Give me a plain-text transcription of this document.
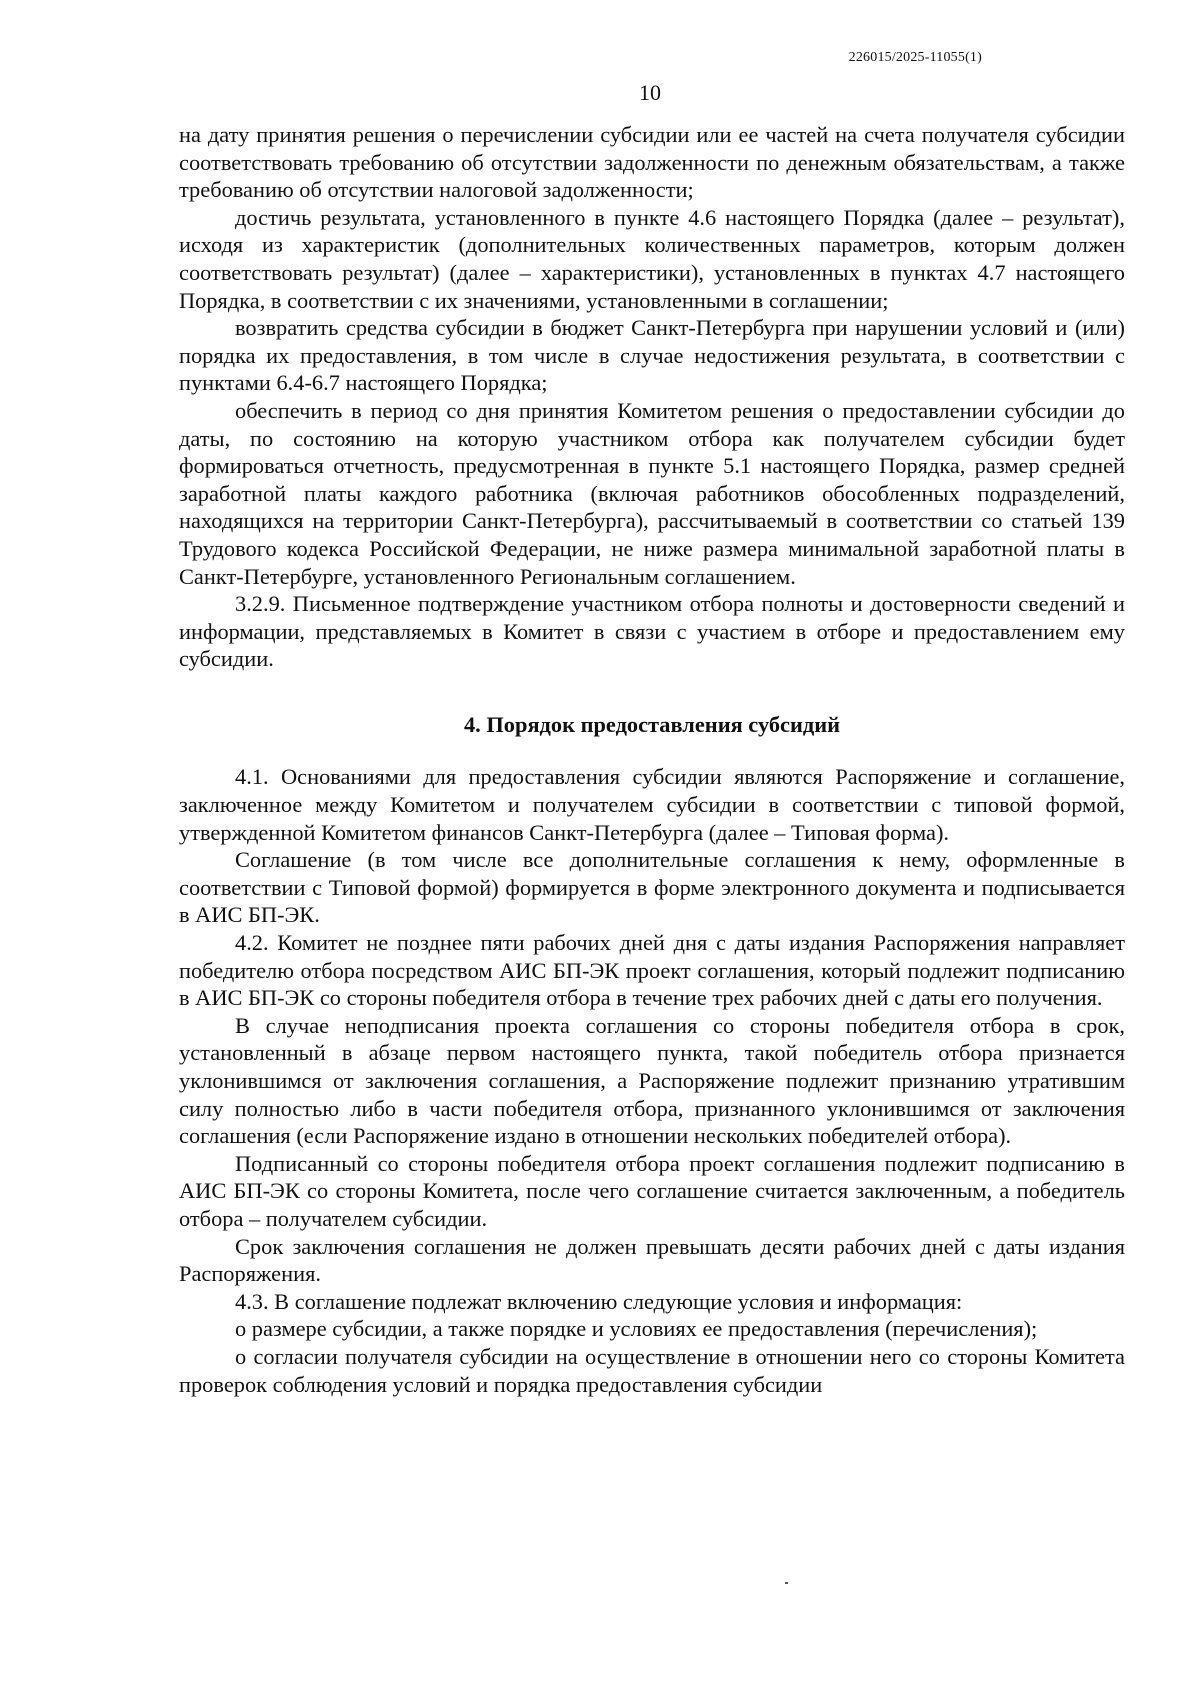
226015/2025-11055(1)
10

на дату принятия решения о перечислении субсидии или ее частей на счета получателя субсидии соответствовать требованию об отсутствии задолженности по денежным обязательствам, а также требованию об отсутствии налоговой задолженности;

достичь результата, установленного в пункте 4.6 настоящего Порядка (далее – результат), исходя из характеристик (дополнительных количественных параметров, которым должен соответствовать результат) (далее – характеристики), установленных в пунктах 4.7 настоящего Порядка, в соответствии с их значениями, установленными в соглашении;

возвратить средства субсидии в бюджет Санкт-Петербурга при нарушении условий и (или) порядка их предоставления, в том числе в случае недостижения результата, в соответствии с пунктами 6.4-6.7 настоящего Порядка;

обеспечить в период со дня принятия Комитетом решения о предоставлении субсидии до даты, по состоянию на которую участником отбора как получателем субсидии будет формироваться отчетность, предусмотренная в пункте 5.1 настоящего Порядка, размер средней заработной платы каждого работника (включая работников обособленных подразделений, находящихся на территории Санкт-Петербурга), рассчитываемый в соответствии со статьей 139 Трудового кодекса Российской Федерации, не ниже размера минимальной заработной платы в Санкт-Петербурге, установленного Региональным соглашением.

3.2.9. Письменное подтверждение участником отбора полноты и достоверности сведений и информации, представляемых в Комитет в связи с участием в отборе и предоставлением ему субсидии.

4. Порядок предоставления субсидий

4.1. Основаниями для предоставления субсидии являются Распоряжение и соглашение, заключенное между Комитетом и получателем субсидии в соответствии с типовой формой, утвержденной Комитетом финансов Санкт-Петербурга (далее – Типовая форма).

Соглашение (в том числе все дополнительные соглашения к нему, оформленные в соответствии с Типовой формой) формируется в форме электронного документа и подписывается в АИС БП-ЭК.

4.2. Комитет не позднее пяти рабочих дней дня с даты издания Распоряжения направляет победителю отбора посредством АИС БП-ЭК проект соглашения, который подлежит подписанию в АИС БП-ЭК со стороны победителя отбора в течение трех рабочих дней с даты его получения.

В случае неподписания проекта соглашения со стороны победителя отбора в срок, установленный в абзаце первом настоящего пункта, такой победитель отбора признается уклонившимся от заключения соглашения, а Распоряжение подлежит признанию утратившим силу полностью либо в части победителя отбора, признанного уклонившимся от заключения соглашения (если Распоряжение издано в отношении нескольких победителей отбора).

Подписанный со стороны победителя отбора проект соглашения подлежит подписанию в АИС БП-ЭК со стороны Комитета, после чего соглашение считается заключенным, а победитель отбора – получателем субсидии.

Срок заключения соглашения не должен превышать десяти рабочих дней с даты издания Распоряжения.

4.3. В соглашение подлежат включению следующие условия и информация:

о размере субсидии, а также порядке и условиях ее предоставления (перечисления);

о согласии получателя субсидии на осуществление в отношении него со стороны Комитета проверок соблюдения условий и порядка предоставления субсидии
